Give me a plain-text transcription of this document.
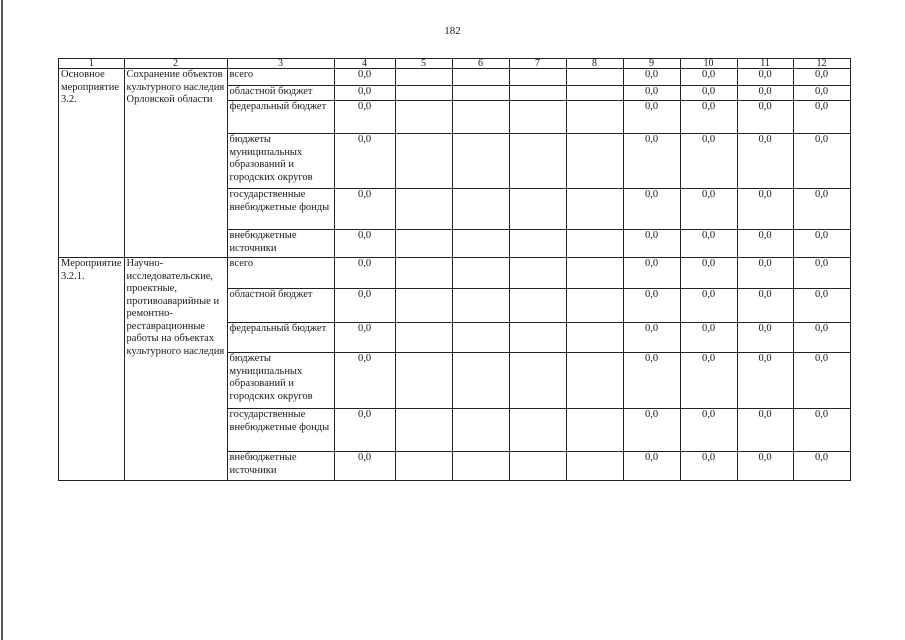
182
1	2	3	4	5	6	7	8	9	10	11	12
Основное мероприятие 3.2.	Сохранение объектов культурного наследия Орловской области	всего	0,0					0,0	0,0	0,0	0,0
		областной бюджет	0,0					0,0	0,0	0,0	0,0
		федеральный бюджет	0,0					0,0	0,0	0,0	0,0
		бюджеты муниципальных образований и городских округов	0,0					0,0	0,0	0,0	0,0
		государственные внебюджетные фонды	0,0					0,0	0,0	0,0	0,0
		внебюджетные источники	0,0					0,0	0,0	0,0	0,0
Мероприятие 3.2.1.	Научно-исследовательские, проектные, противоаварийные и ремонтно-реставрационные работы на объектах культурного наследия	всего	0,0					0,0	0,0	0,0	0,0
		областной бюджет	0,0					0,0	0,0	0,0	0,0
		федеральный бюджет	0,0					0,0	0,0	0,0	0,0
		бюджеты муниципальных образований и городских округов	0,0					0,0	0,0	0,0	0,0
		государственные внебюджетные фонды	0,0					0,0	0,0	0,0	0,0
		внебюджетные источники	0,0					0,0	0,0	0,0	0,0
